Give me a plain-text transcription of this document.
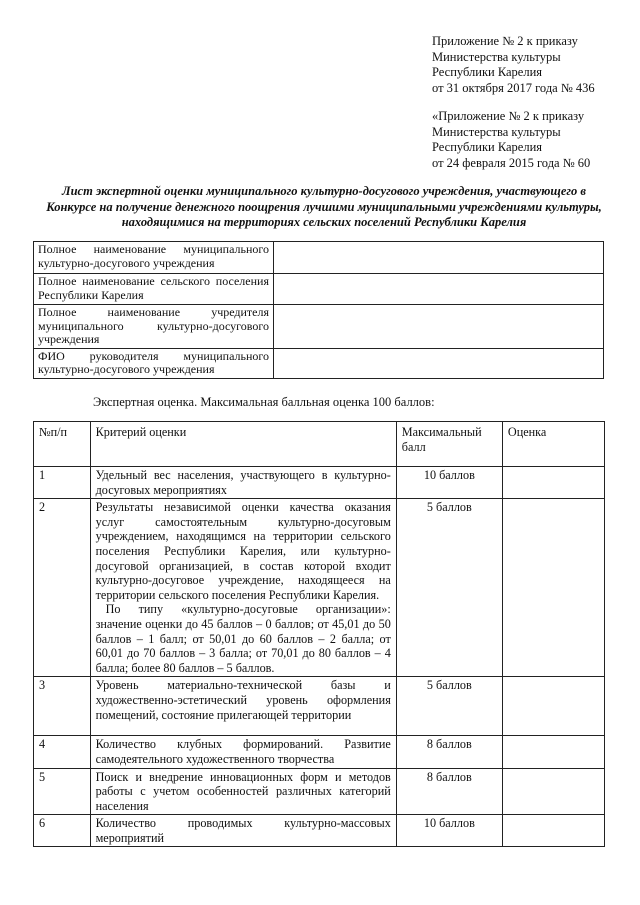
Приложение № 2 к приказу
Министерства культуры
Республики Карелия
от 31 октября 2017 года № 436
«Приложение № 2 к приказу
Министерства культуры
Республики Карелия
от 24 февраля 2015 года № 60
Лист экспертной оценки муниципального культурно-досугового учреждения, участвующего в Конкурсе на получение денежного поощрения лучшими муниципальными учреждениями культуры, находящимися на территориях сельских поселений Республики Карелия
Полное наименование муниципального культурно-досугового учреждения	
Полное наименование сельского поселения Республики Карелия	
Полное наименование учредителя муниципального культурно-досугового учреждения	
ФИО руководителя муниципального культурно-досугового учреждения	
Экспертная оценка. Максимальная балльная оценка 100 баллов:
№п/п	Критерий оценки	Максимальный балл	Оценка
1	Удельный вес населения, участвующего в культурно-досуговых мероприятиях	10 баллов	
2	Результаты независимой оценки качества оказания услуг самостоятельным культурно-досуговым учреждением, находящимся на территории сельского поселения Республики Карелия, или культурно-досуговой организацией, в состав которой входит культурно-досуговое учреждение, находящееся на территории сельского поселения Республики Карелия.
По типу «культурно-досуговые организации»: значение оценки до 45 баллов – 0 баллов; от 45,01 до 50 баллов – 1 балл; от 50,01 до 60 баллов – 2 балла; от 60,01 до 70 баллов – 3 балла; от 70,01 до 80 баллов – 4 балла; более 80 баллов – 5 баллов.	5 баллов	
3	Уровень материально-технической базы и художественно-эстетический уровень оформления помещений, состояние прилегающей территории	5 баллов	
4	Количество клубных формирований. Развитие самодеятельного художественного творчества	8 баллов	
5	Поиск и внедрение инновационных форм и методов работы с учетом особенностей различных категорий населения	8 баллов	
6	Количество проводимых культурно-массовых мероприятий	10 баллов	
